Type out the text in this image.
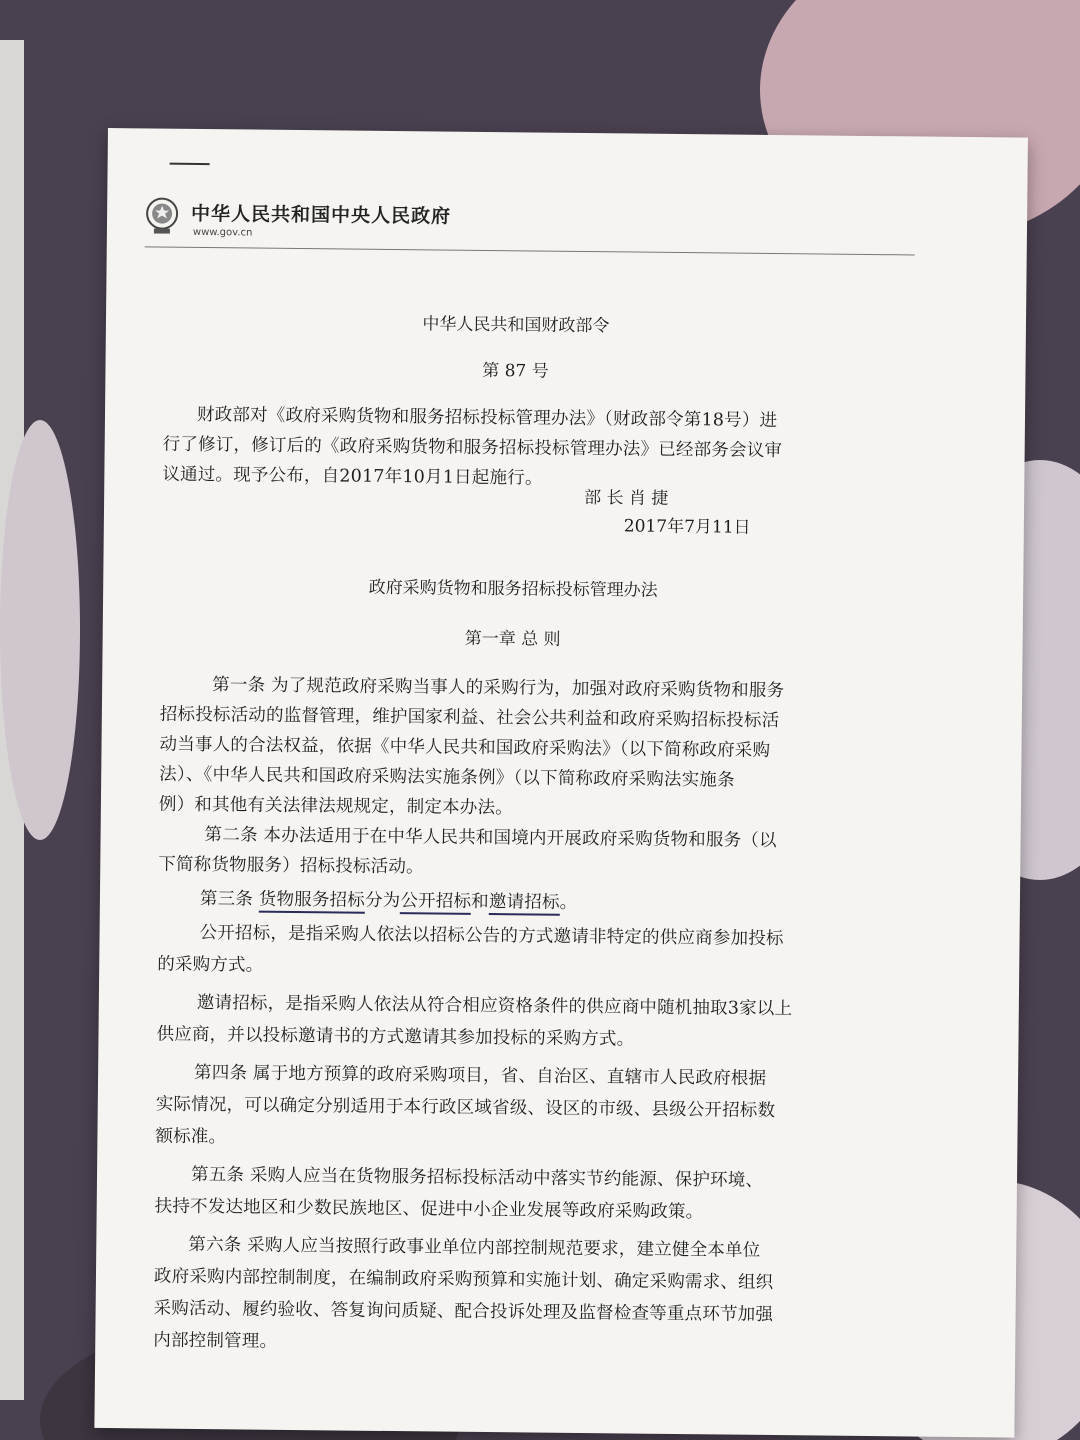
中华人民共和国中央人民政府
www.gov.cn
中华人民共和国财政部令
第 87 号
财政部对《政府采购货物和服务招标投标管理办法》（财政部令第18号）进
行了修订，修订后的《政府采购货物和服务招标投标管理办法》已经部务会议审
议通过。现予公布，自2017年10月1日起施行。
部 长 肖 捷
2017年7月11日
政府采购货物和服务招标投标管理办法
第一章 总 则
第一条 为了规范政府采购当事人的采购行为，加强对政府采购货物和服务
招标投标活动的监督管理，维护国家利益、社会公共利益和政府采购招标投标活
动当事人的合法权益，依据《中华人民共和国政府采购法》（以下简称政府采购
法）、《中华人民共和国政府采购法实施条例》（以下简称政府采购法实施条
例）和其他有关法律法规规定，制定本办法。
第二条 本办法适用于在中华人民共和国境内开展政府采购货物和服务（以
下简称货物服务）招标投标活动。
第三条 货物服务招标分为公开招标和邀请招标。
公开招标，是指采购人依法以招标公告的方式邀请非特定的供应商参加投标
的采购方式。
邀请招标，是指采购人依法从符合相应资格条件的供应商中随机抽取3家以上
供应商，并以投标邀请书的方式邀请其参加投标的采购方式。
第四条 属于地方预算的政府采购项目，省、自治区、直辖市人民政府根据
实际情况，可以确定分别适用于本行政区域省级、设区的市级、县级公开招标数
额标准。
第五条 采购人应当在货物服务招标投标活动中落实节约能源、保护环境、
扶持不发达地区和少数民族地区、促进中小企业发展等政府采购政策。
第六条 采购人应当按照行政事业单位内部控制规范要求，建立健全本单位
政府采购内部控制制度，在编制政府采购预算和实施计划、确定采购需求、组织
采购活动、履约验收、答复询问质疑、配合投诉处理及监督检查等重点环节加强
内部控制管理。
